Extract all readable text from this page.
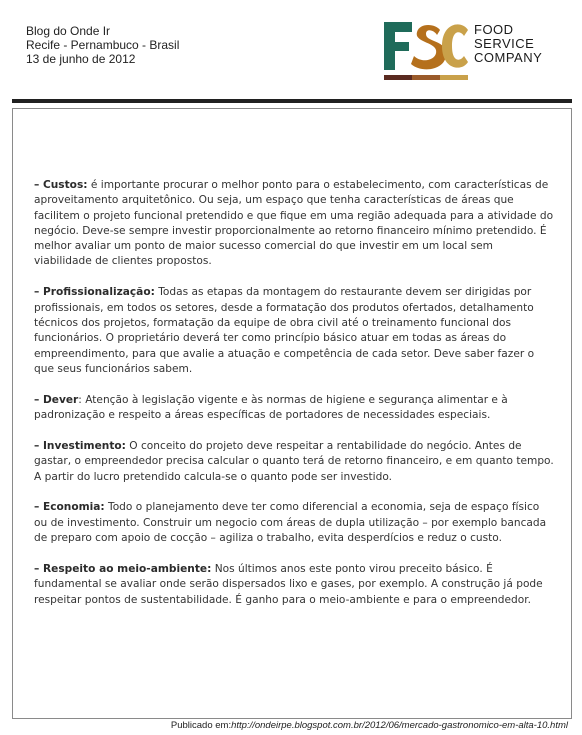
Blog do Onde Ir
Recife - Pernambuco - Brasil
13 de junho de 2012
FOOD
SERVICE
COMPANY

– Custos: é importante procurar o melhor ponto para o estabelecimento, com características de aproveitamento arquitetônico. Ou seja, um espaço que tenha características de áreas que facilitem o projeto funcional pretendido e que fique em uma região adequada para a atividade do negócio. Deve-se sempre investir proporcionalmente ao retorno financeiro mínimo pretendido. É melhor avaliar um ponto de maior sucesso comercial do que investir em um local sem viabilidade de clientes propostos.

– Profissionalização: Todas as etapas da montagem do restaurante devem ser dirigidas por profissionais, em todos os setores, desde a formatação dos produtos ofertados, detalhamento técnicos dos projetos, formatação da equipe de obra civil até o treinamento funcional dos funcionários. O proprietário deverá ter como princípio básico atuar em todas as áreas do empreendimento, para que avalie a atuação e competência de cada setor. Deve saber fazer o que seus funcionários sabem.

– Dever: Atenção à legislação vigente e às normas de higiene e segurança alimentar e à padronização e respeito a áreas específicas de portadores de necessidades especiais.

– Investimento: O conceito do projeto deve respeitar a rentabilidade do negócio. Antes de gastar, o empreendedor precisa calcular o quanto terá de retorno financeiro, e em quanto tempo. A partir do lucro pretendido calcula-se o quanto pode ser investido.

– Economia: Todo o planejamento deve ter como diferencial a economia, seja de espaço físico ou de investimento. Construir um negocio com áreas de dupla utilização – por exemplo bancada de preparo com apoio de cocção – agiliza o trabalho, evita desperdícios e reduz o custo.

– Respeito ao meio-ambiente: Nos últimos anos este ponto virou preceito básico. É fundamental se avaliar onde serão dispersados lixo e gases, por exemplo. A construção já pode respeitar pontos de sustentabilidade. É ganho para o meio-ambiente e para o empreendedor.

Publicado em:http://ondeirpe.blogspot.com.br/2012/06/mercado-gastronomico-em-alta-10.html
